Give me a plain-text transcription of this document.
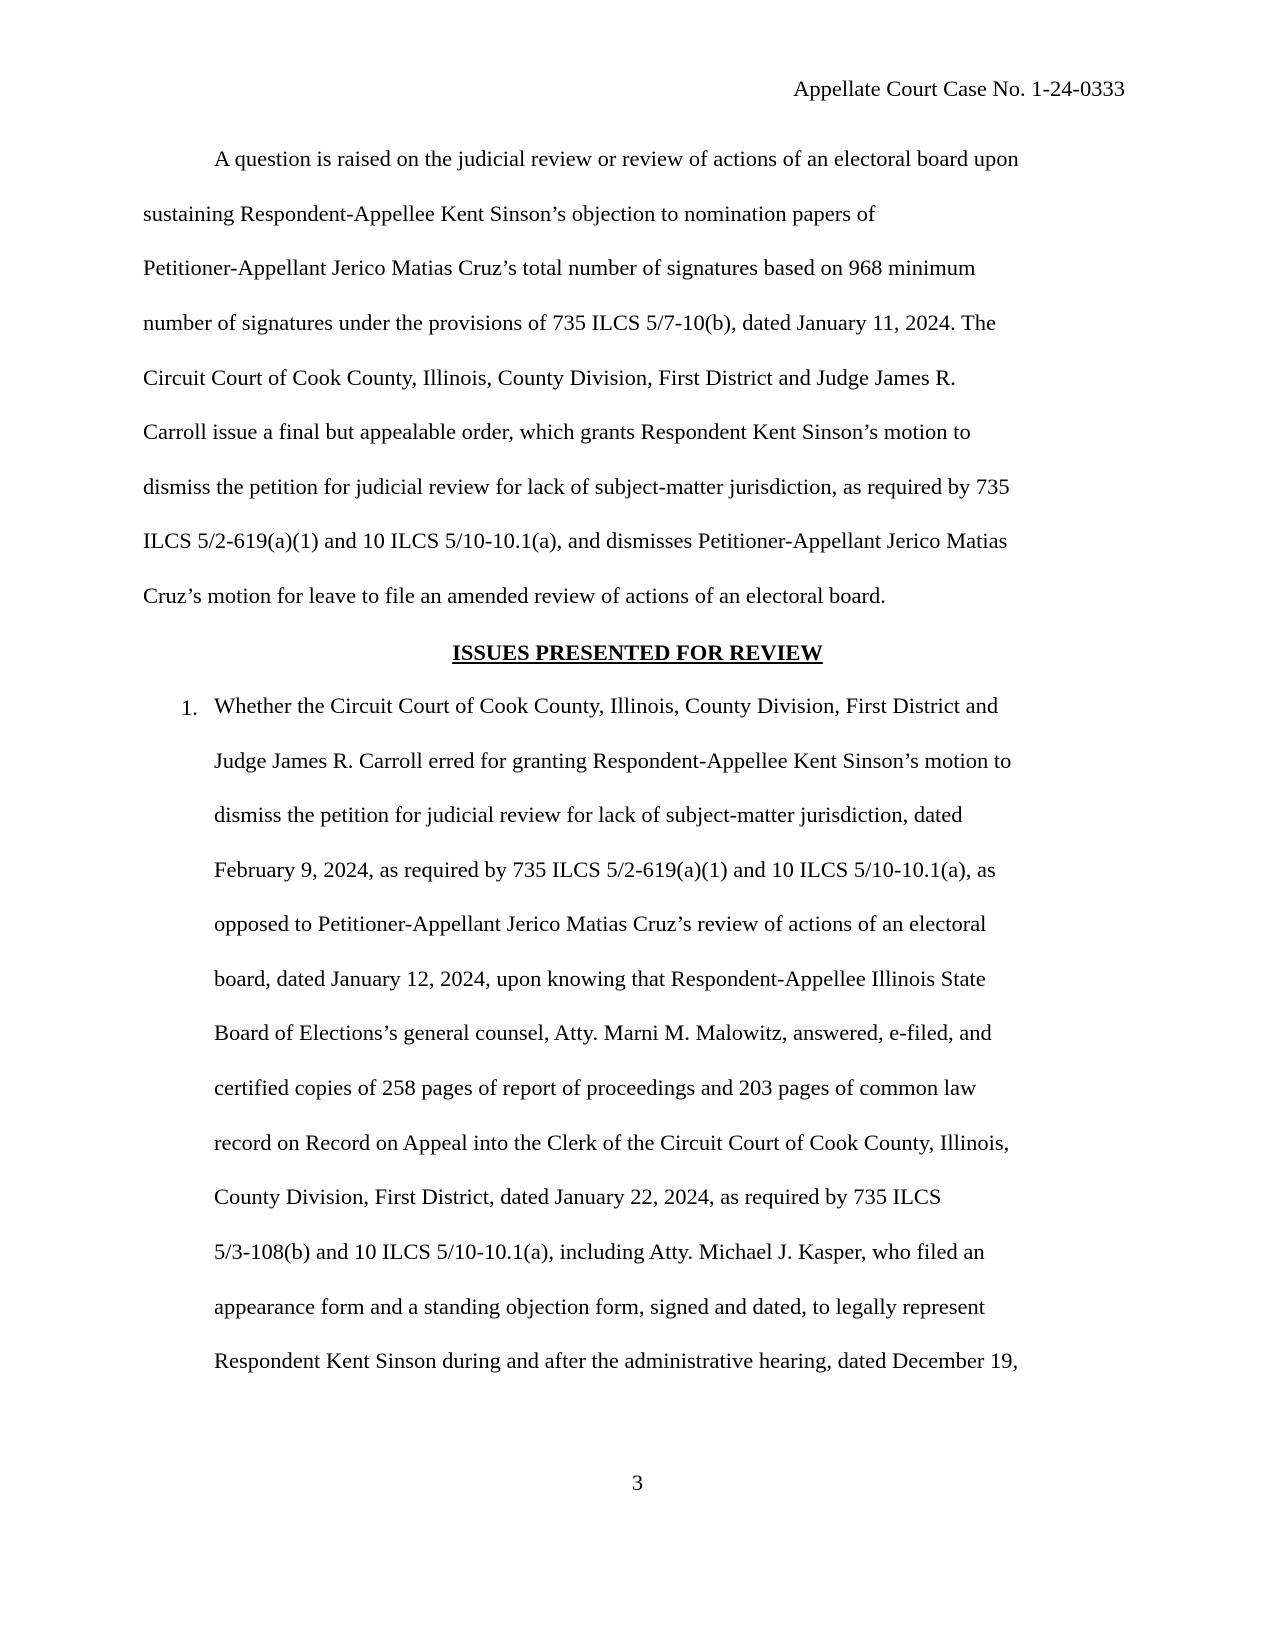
Appellate Court Case No. 1-24-0333
A question is raised on the judicial review or review of actions of an electoral board upon
sustaining Respondent-Appellee Kent Sinson’s objection to nomination papers of
Petitioner-Appellant Jerico Matias Cruz’s total number of signatures based on 968 minimum
number of signatures under the provisions of 735 ILCS 5/7-10(b), dated January 11, 2024. The
Circuit Court of Cook County, Illinois, County Division, First District and Judge James R.
Carroll issue a final but appealable order, which grants Respondent Kent Sinson’s motion to
dismiss the petition for judicial review for lack of subject-matter jurisdiction, as required by 735
ILCS 5/2-619(a)(1) and 10 ILCS 5/10-10.1(a), and dismisses Petitioner-Appellant Jerico Matias
Cruz’s motion for leave to file an amended review of actions of an electoral board.
ISSUES PRESENTED FOR REVIEW
1. Whether the Circuit Court of Cook County, Illinois, County Division, First District and
Judge James R. Carroll erred for granting Respondent-Appellee Kent Sinson’s motion to
dismiss the petition for judicial review for lack of subject-matter jurisdiction, dated
February 9, 2024, as required by 735 ILCS 5/2-619(a)(1) and 10 ILCS 5/10-10.1(a), as
opposed to Petitioner-Appellant Jerico Matias Cruz’s review of actions of an electoral
board, dated January 12, 2024, upon knowing that Respondent-Appellee Illinois State
Board of Elections’s general counsel, Atty. Marni M. Malowitz, answered, e-filed, and
certified copies of 258 pages of report of proceedings and 203 pages of common law
record on Record on Appeal into the Clerk of the Circuit Court of Cook County, Illinois,
County Division, First District, dated January 22, 2024, as required by 735 ILCS
5/3-108(b) and 10 ILCS 5/10-10.1(a), including Atty. Michael J. Kasper, who filed an
appearance form and a standing objection form, signed and dated, to legally represent
Respondent Kent Sinson during and after the administrative hearing, dated December 19,
3
